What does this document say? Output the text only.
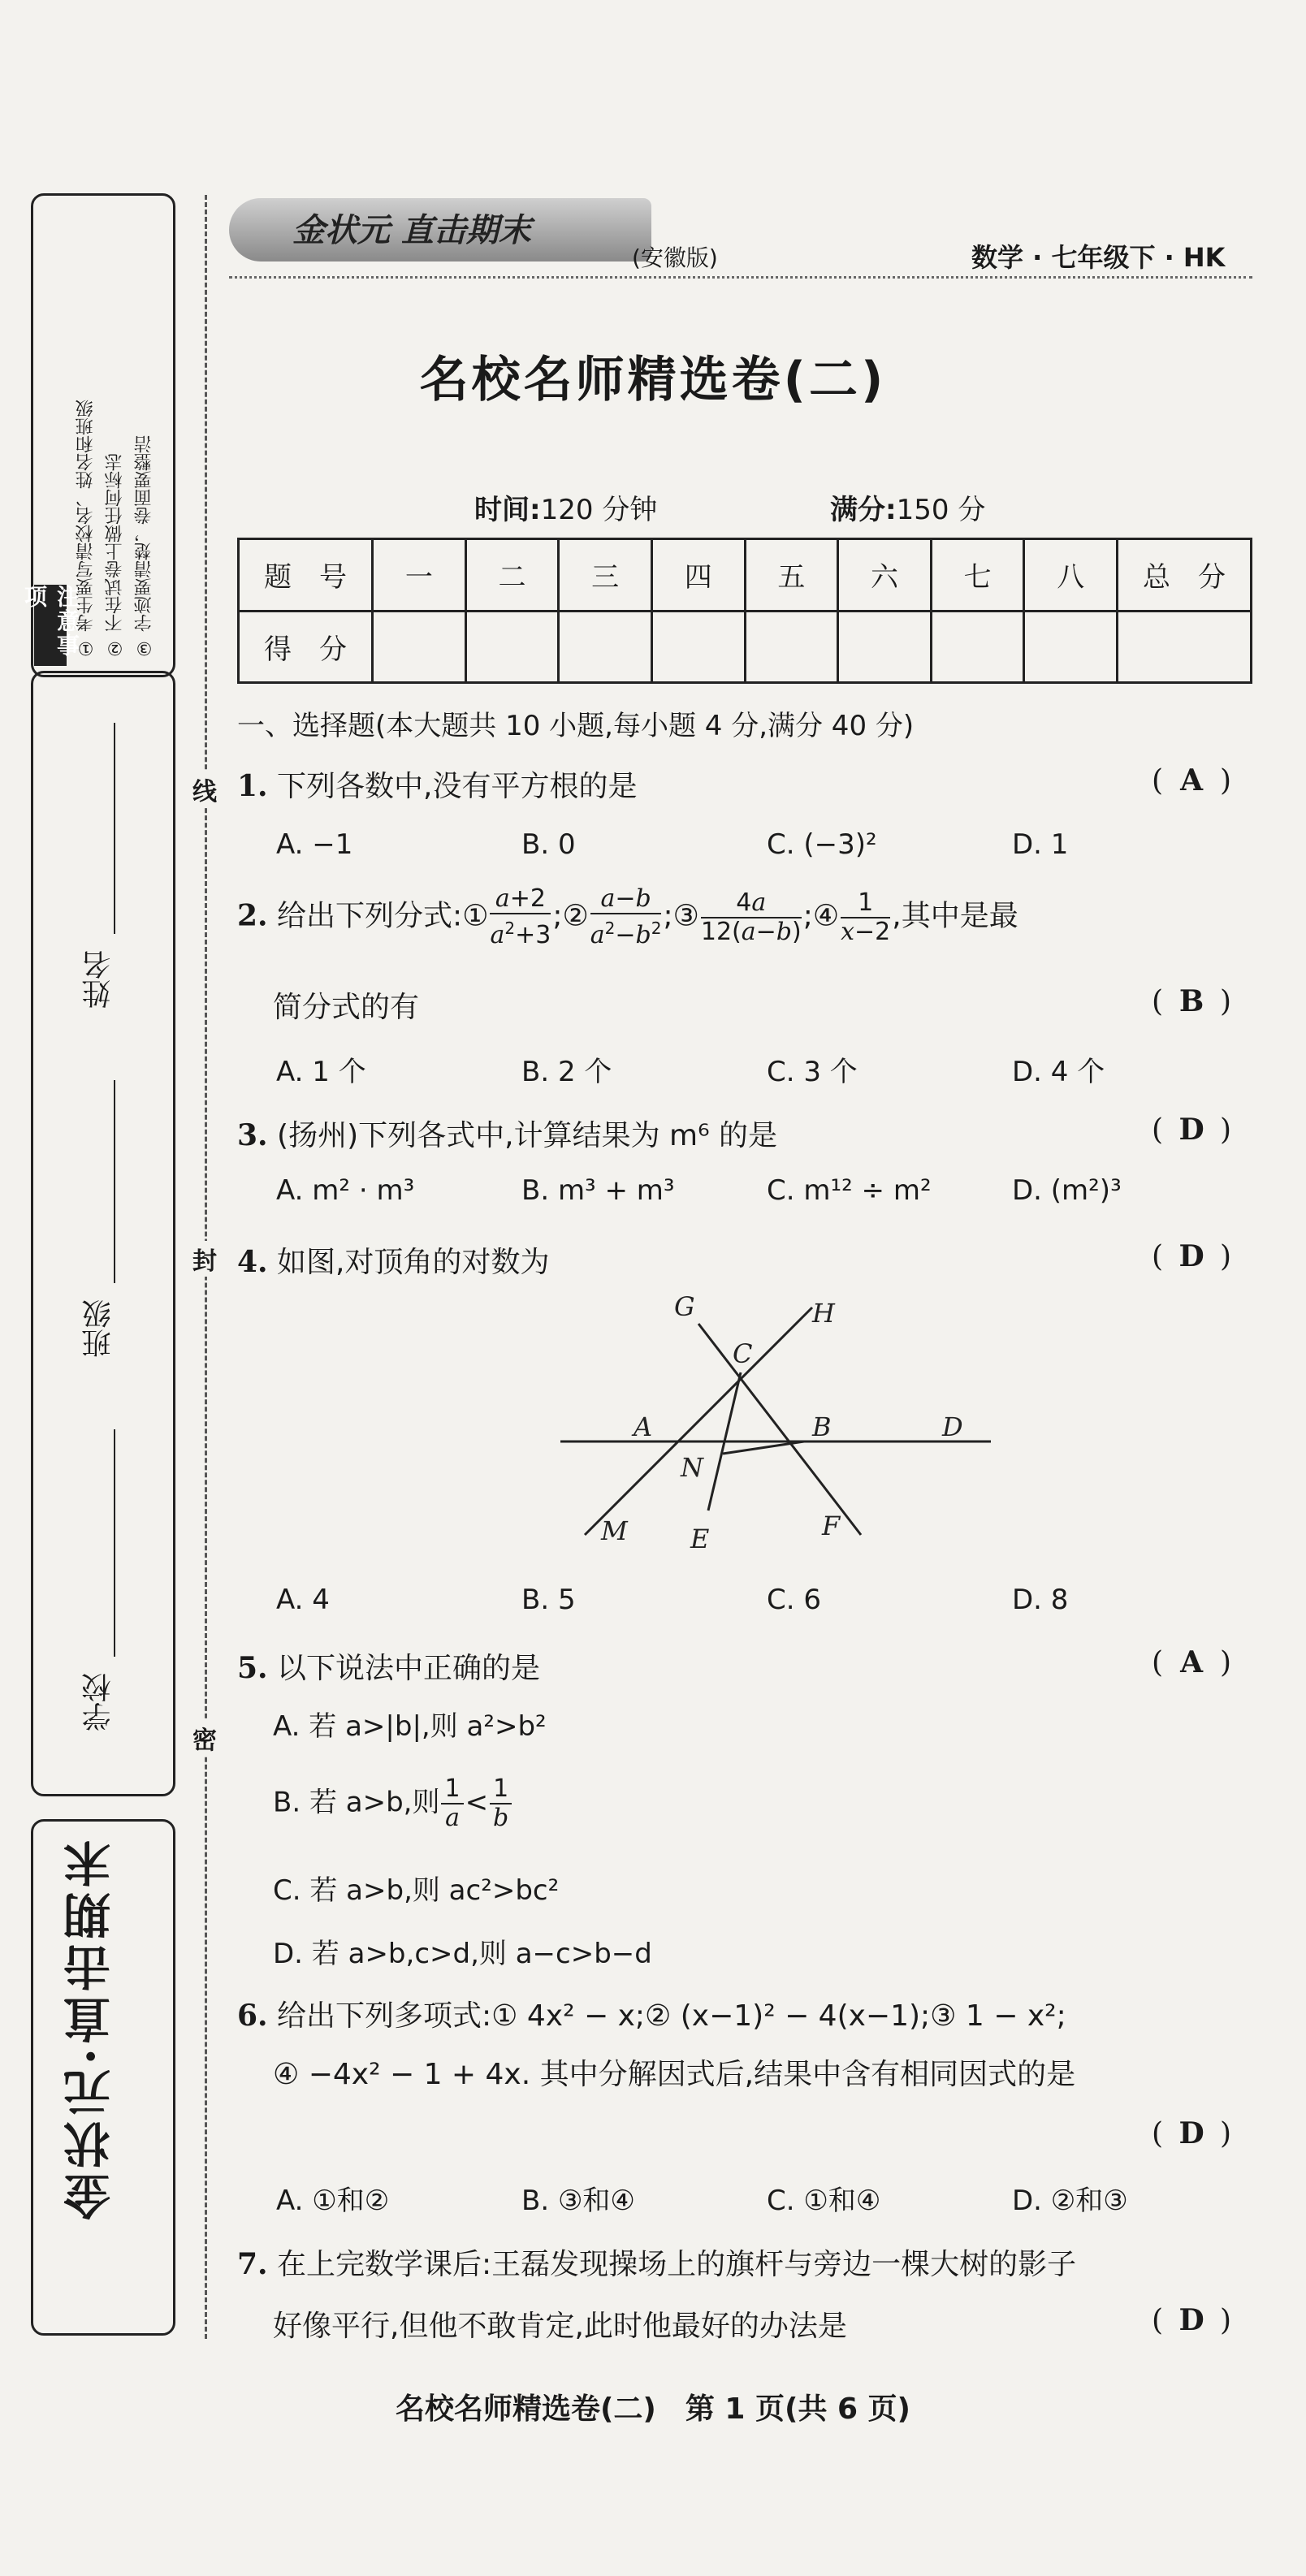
① 考生要写清校名、姓名和班级 ② 不在试卷上做任何标志 ③ 字迹要清楚，卷面要整洁
注意事项
姓名
班级
学校
金状元·直击期末
线
封
密
金状元 直击期末
(安徽版)	数学 · 七年级下 · HK
名校名师精选卷(二)
时间:120 分钟	满分:150 分
题　号	一	二	三	四	五	六	七	八	总　分
得　分									
一、选择题(本大题共 10 小题,每小题 4 分,满分 40 分)
1. 下列各数中,没有平方根的是	( A )
A. −1	B. 0	C. (−3)²	D. 1
2. 给出下列分式:① $\frac{a+2}{a^2+3}$ ;② $\frac{a-b}{a^2-b^2}$ ;③ $\frac{4a}{12(a-b)}$ ;④ $\frac{1}{x-2}$ ,其中是最
简分式的有	( B )
A. 1 个	B. 2 个	C. 3 个	D. 4 个
3. (扬州)下列各式中,计算结果为 m⁶ 的是	( D )
A. m² · m³	B. m³ + m³	C. m¹² ÷ m²	D. (m²)³
4. 如图,对顶角的对数为	( D )
G
C
H
A	B	D
N
M E	F
A. 4	B. 5	C. 6	D. 8
5. 以下说法中正确的是	( A )
A. 若 a>|b|,则 a²>b²
B. 若 a>b,则 $\frac{1}{a} < \frac{1}{b}$
C. 若 a>b,则 ac²>bc²
D. 若 a>b,c>d,则 a−c>b−d
6. 给出下列多项式:① 4x² − x;② (x−1)² − 4(x−1);③ 1 − x²;
④ −4x² − 1 + 4x. 其中分解因式后,结果中含有相同因式的是
( D )
A. ①和②	B. ③和④	C. ①和④	D. ②和③
7. 在上完数学课后:王磊发现操场上的旗杆与旁边一棵大树的影子
好像平行,但他不敢肯定,此时他最好的办法是	( D )
名校名师精选卷(二)　第 1 页(共 6 页)
